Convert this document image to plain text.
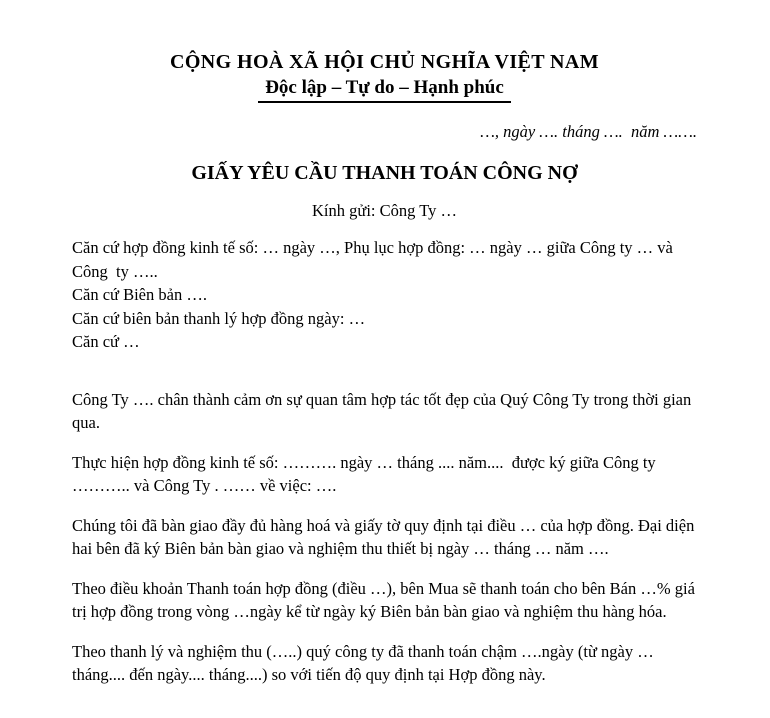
CỘNG HOÀ XÃ HỘI CHỦ NGHĨA VIỆT NAM
Độc lập – Tự do – Hạnh phúc
…, ngày …. tháng ….  năm …….
GIẤY YÊU CẦU THANH TOÁN CÔNG NỢ
Kính gửi: Công Ty …
Căn cứ hợp đồng kinh tế số: … ngày …, Phụ lục hợp đồng: … ngày … giữa Công ty … và Công  ty …..
Căn cứ Biên bản ….
Căn cứ biên bản thanh lý hợp đồng ngày: …
Căn cứ …
Công Ty …. chân thành cảm ơn sự quan tâm hợp tác tốt đẹp của Quý Công Ty trong thời gian qua.
Thực hiện hợp đồng kinh tế số: ………. ngày … tháng .... năm....  được ký giữa Công ty ……….. và Công Ty . …… về việc: ….
Chúng tôi đã bàn giao đầy đủ hàng hoá và giấy tờ quy định tại điều … của hợp đồng. Đại diện hai bên đã ký Biên bản bàn giao và nghiệm thu thiết bị ngày … tháng … năm ….
Theo điều khoản Thanh toán hợp đồng (điều …), bên Mua sẽ thanh toán cho bên Bán …% giá trị hợp đồng trong vòng …ngày kể từ ngày ký Biên bản bàn giao và nghiệm thu hàng hóa.
Theo thanh lý và nghiệm thu (…..) quý công ty đã thanh toán chậm ….ngày (từ ngày … tháng.... đến ngày.... tháng....) so với tiến độ quy định tại Hợp đồng này.
